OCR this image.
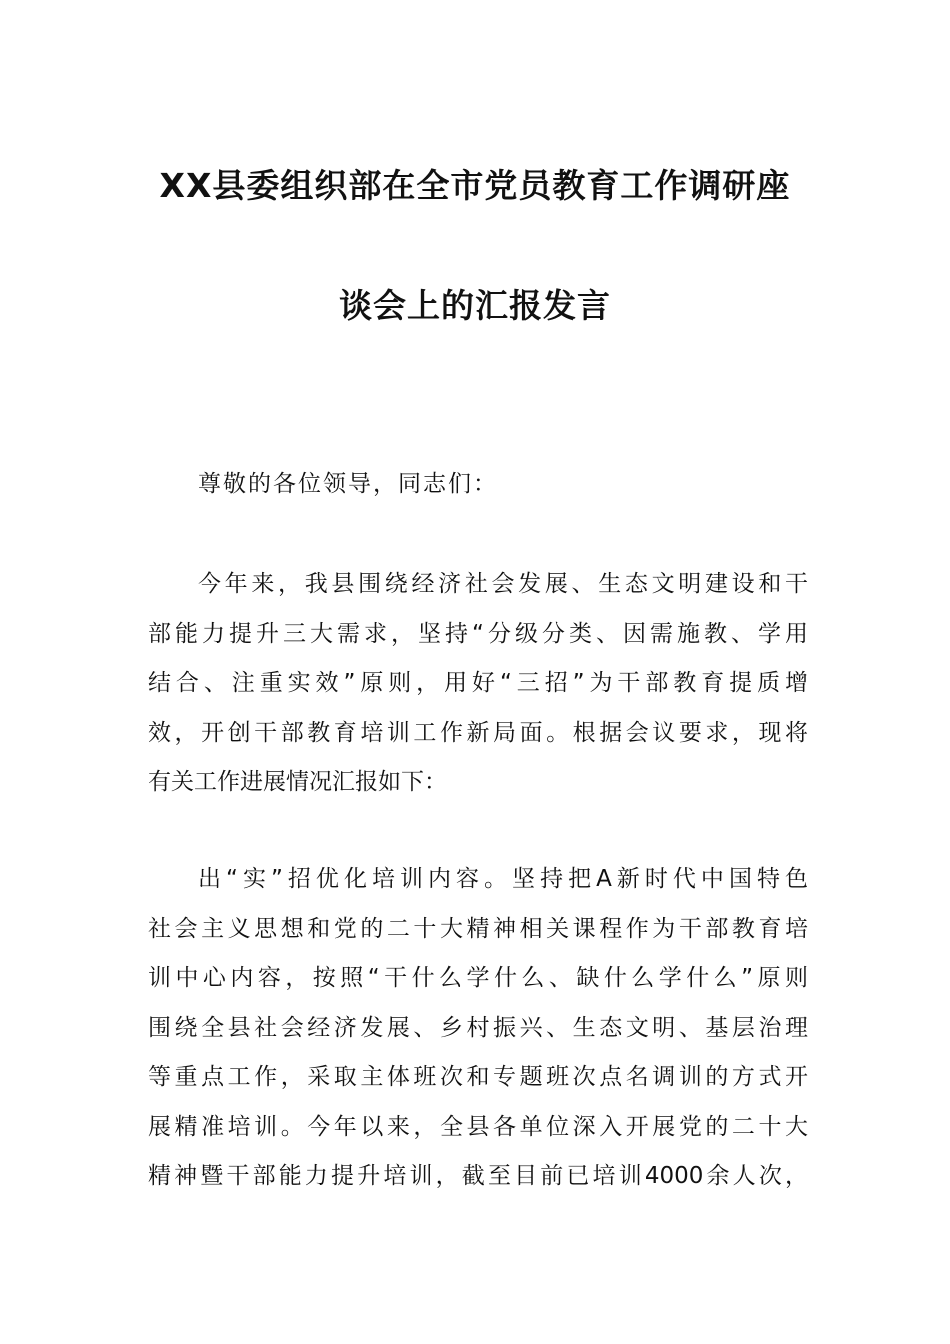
XX县委组织部在全市党员教育工作调研座
谈会上的汇报发言
尊敬的各位领导，同志们：
今年来，我县围绕经济社会发展、生态文明建设和干
部能力提升三大需求，坚持“分级分类、因需施教、学用
结合、注重实效”原则，用好“三招”为干部教育提质增
效，开创干部教育培训工作新局面。根据会议要求，现将
有关工作进展情况汇报如下：
出“实”招优化培训内容。坚持把A新时代中国特色
社会主义思想和党的二十大精神相关课程作为干部教育培
训中心内容，按照“干什么学什么、缺什么学什么”原则
围绕全县社会经济发展、乡村振兴、生态文明、基层治理
等重点工作，采取主体班次和专题班次点名调训的方式开
展精准培训。今年以来，全县各单位深入开展党的二十大
精神暨干部能力提升培训，截至目前已培训4000余人次，
